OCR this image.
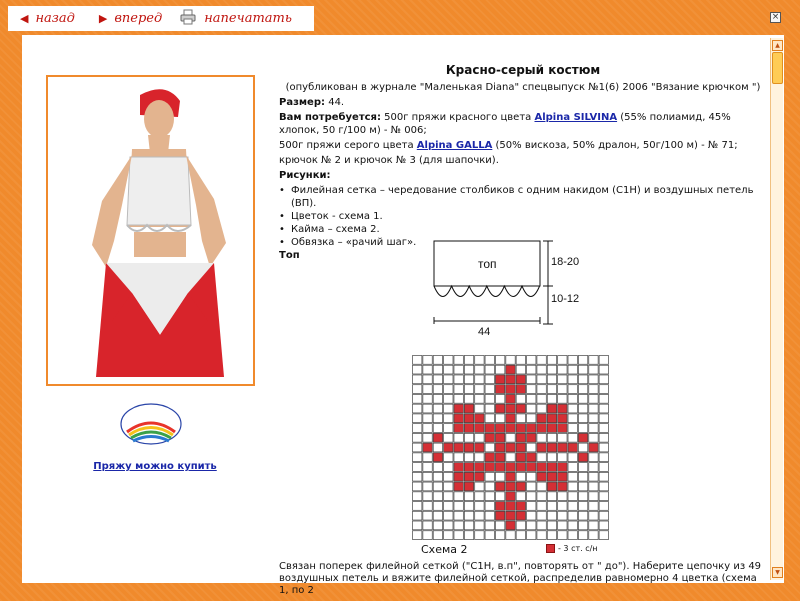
◀ назад ▶ вперед	напечатать	×
▲
▼
Пряжу можно купить
Красно-серый костюм
(опубликован в журнале "Маленькая Diana" спецвыпуск №1(6) 2006 "Вязание крючком ")
Размер: 44.
Вам потребуется: 500г пряжи красного цвета Alpina SILVINA (55% полиамид, 45% хлопок, 50 г/100 м) - № 006;
500г пряжи серого цвета Alpina GALLA (50% вискоза, 50% дралон, 50г/100 м) - № 71;
крючок № 2 и крючок № 3 (для шапочки).
Рисунки:
• Филейная сетка – чередование столбиков с одним накидом (С1Н) и воздушных петель (ВП).
• Цветок - схема 1.
• Кайма – схема 2.
• Обвязка – «рачий шаг».
Топ
топ	18-20
10-12
44
Схема 2	- 3 ст. с/н
Связан поперек филейной сеткой ("С1Н, в.п", повторять от " до"). Наберите цепочку из 49 воздушных петель и вяжите филейной сеткой, распределив равномерно 4 цветка (схема 1, по 2
